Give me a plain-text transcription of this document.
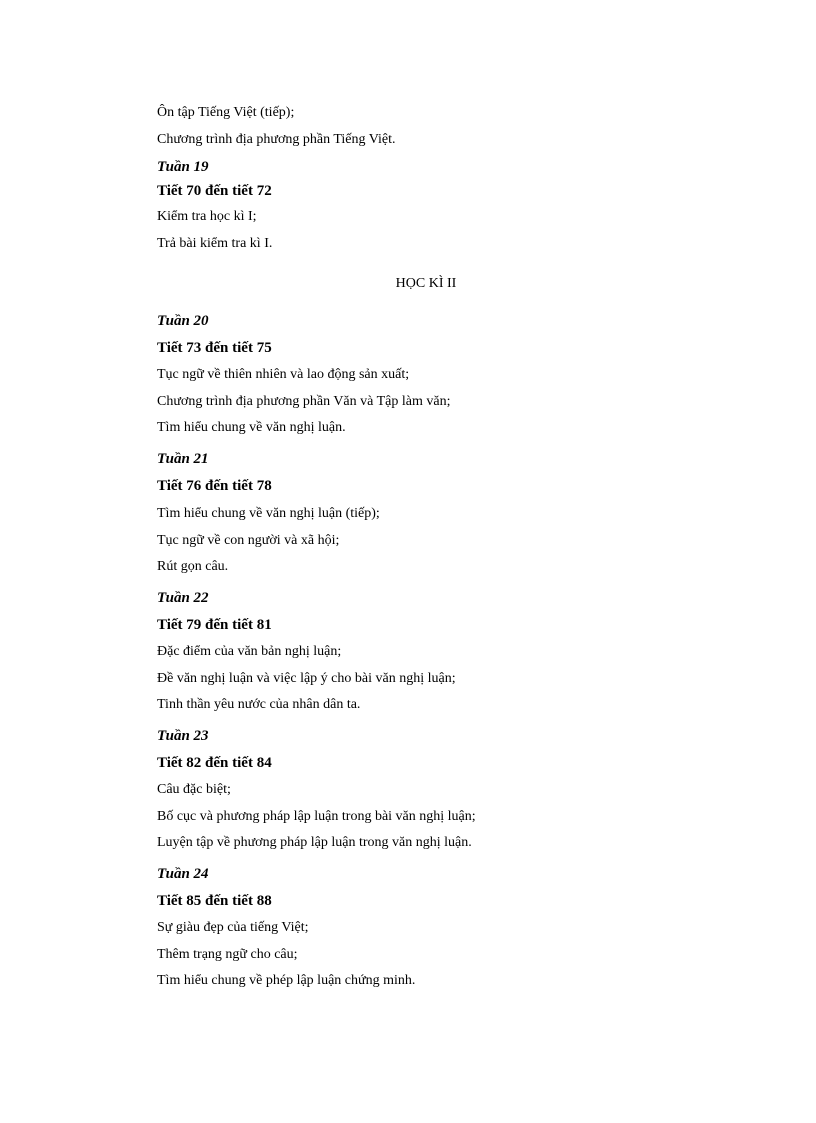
Ôn tập Tiếng Việt (tiếp);

Chương trình địa phương phần Tiếng Việt.

Tuần 19

Tiết 70 đến tiết 72

Kiểm tra học kì I;

Trả bài kiểm tra kì I.

HỌC KÌ II

Tuần 20

Tiết 73 đến tiết 75

Tục ngữ về thiên nhiên và lao động sản xuất;

Chương trình địa phương phần Văn và Tập làm văn;

Tìm hiểu chung về văn nghị luận.

Tuần 21

Tiết 76 đến tiết 78

Tìm hiểu chung về văn nghị luận (tiếp);

Tục ngữ về con người và xã hội;

Rút gọn câu.

Tuần 22

Tiết 79 đến tiết 81

Đặc điểm của văn bản nghị luận;

Đề văn nghị luận và việc lập ý cho bài văn nghị luận;

Tinh thần yêu nước của nhân dân ta.

Tuần 23

Tiết 82 đến tiết 84

Câu đặc biệt;

Bố cục và phương pháp lập luận trong bài văn nghị luận;

Luyện tập về phương pháp lập luận trong văn nghị luận.

Tuần 24

Tiết 85 đến tiết 88

Sự giàu đẹp của tiếng Việt;

Thêm trạng ngữ cho câu;

Tìm hiểu chung về phép lập luận chứng minh.
